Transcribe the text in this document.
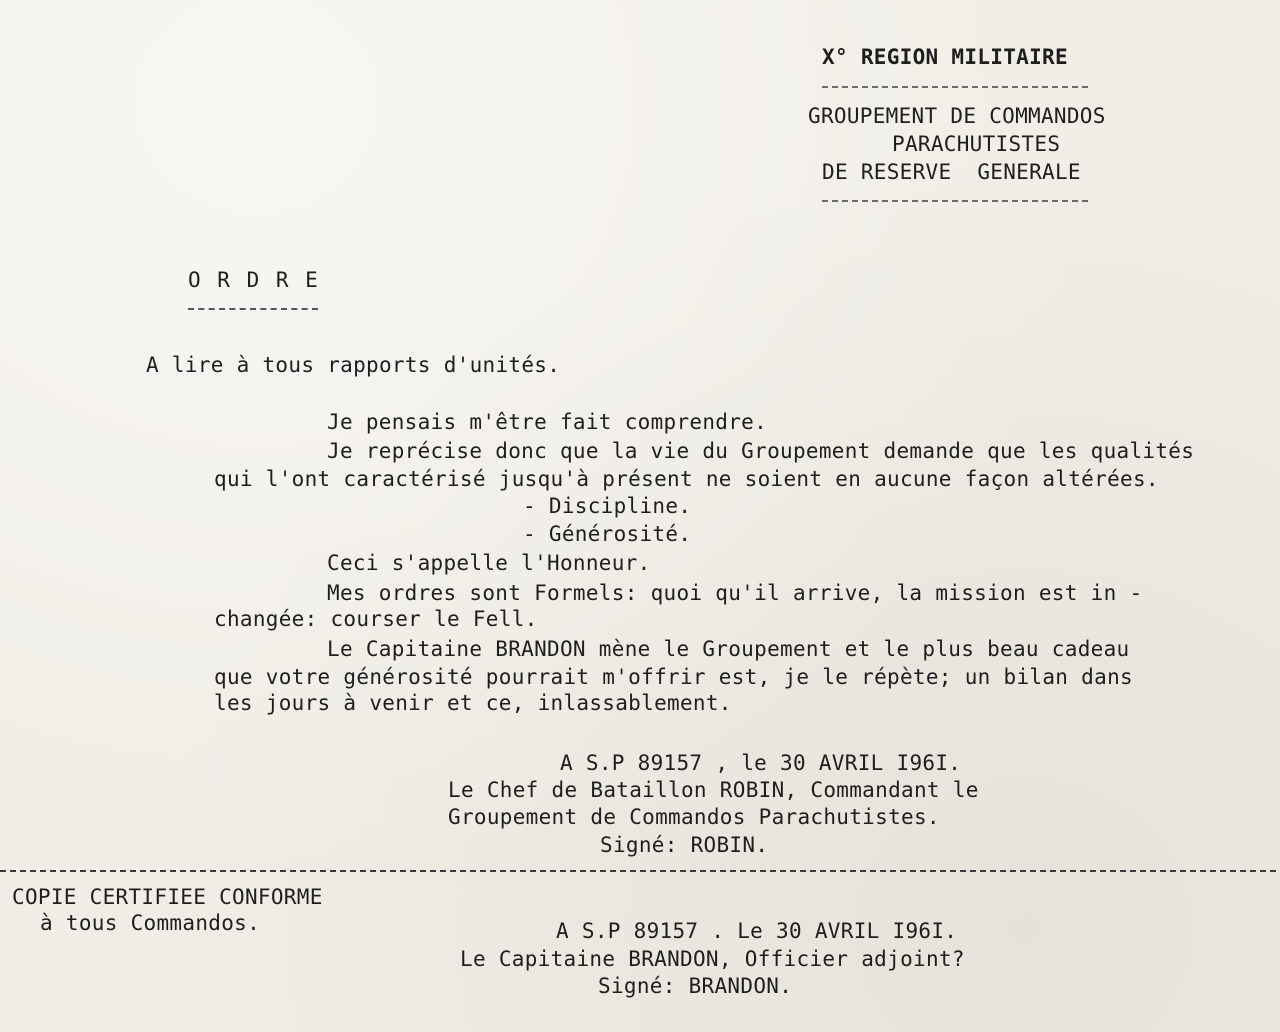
X° REGION MILITAIRE
GROUPEMENT DE COMMANDOS
PARACHUTISTES
DE RESERVE  GENERALE
O R D R E
A lire à tous rapports d'unités.
Je pensais m'être fait comprendre.
Je reprécise donc que la vie du Groupement demande que les qualités
qui l'ont caractérisé jusqu'à présent ne soient en aucune façon altérées.
- Discipline.
- Générosité.
Ceci s'appelle l'Honneur.
Mes ordres sont Formels: quoi qu'il arrive, la mission est in -
changée: courser le Fell.
Le Capitaine BRANDON mène le Groupement et le plus beau cadeau
que votre générosité pourrait m'offrir est, je le répète; un bilan dans
les jours à venir et ce, inlassablement.
A S.P 89157 , le 30 AVRIL I96I.
Le Chef de Bataillon ROBIN, Commandant le
Groupement de Commandos Parachutistes.
Signé: ROBIN.
COPIE CERTIFIEE CONFORME
à tous Commandos.	A S.P 89157 . Le 30 AVRIL I96I.
Le Capitaine BRANDON, Officier adjoint?
Signé: BRANDON.
